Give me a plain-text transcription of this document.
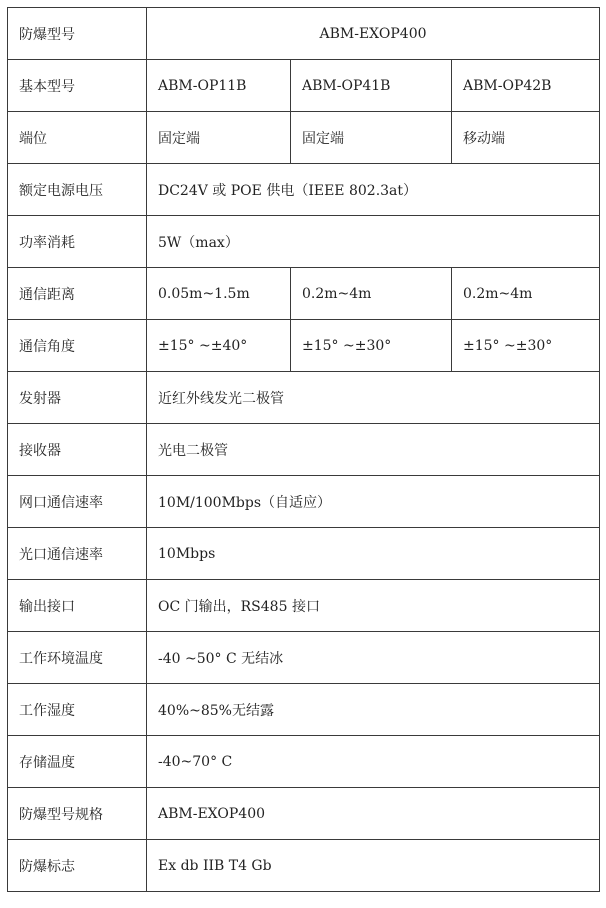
防爆型号	ABM-EXOP400		
基本型号	ABM-OP11B	ABM-OP41B	ABM-OP42B
端位	固定端	固定端	移动端
额定电源电压	DC24V 或 POE 供电（IEEE 802.3at）		
功率消耗	5W（max）		
通信距离	0.05m~1.5m	0.2m~4m	0.2m~4m
通信角度	±15° ~±40°	±15° ~±30°	±15° ~±30°
发射器	近红外线发光二极管		
接收器	光电二极管		
网口通信速率	10M/100Mbps（自适应）		
光口通信速率	10Mbps		
输出接口	OC 门输出，RS485 接口		
工作环境温度	-40 ~50° C 无结冰		
工作湿度	40%~85%无结露		
存储温度	-40~70° C		
防爆型号规格	ABM-EXOP400		
防爆标志	Ex db IIB T4 Gb		
